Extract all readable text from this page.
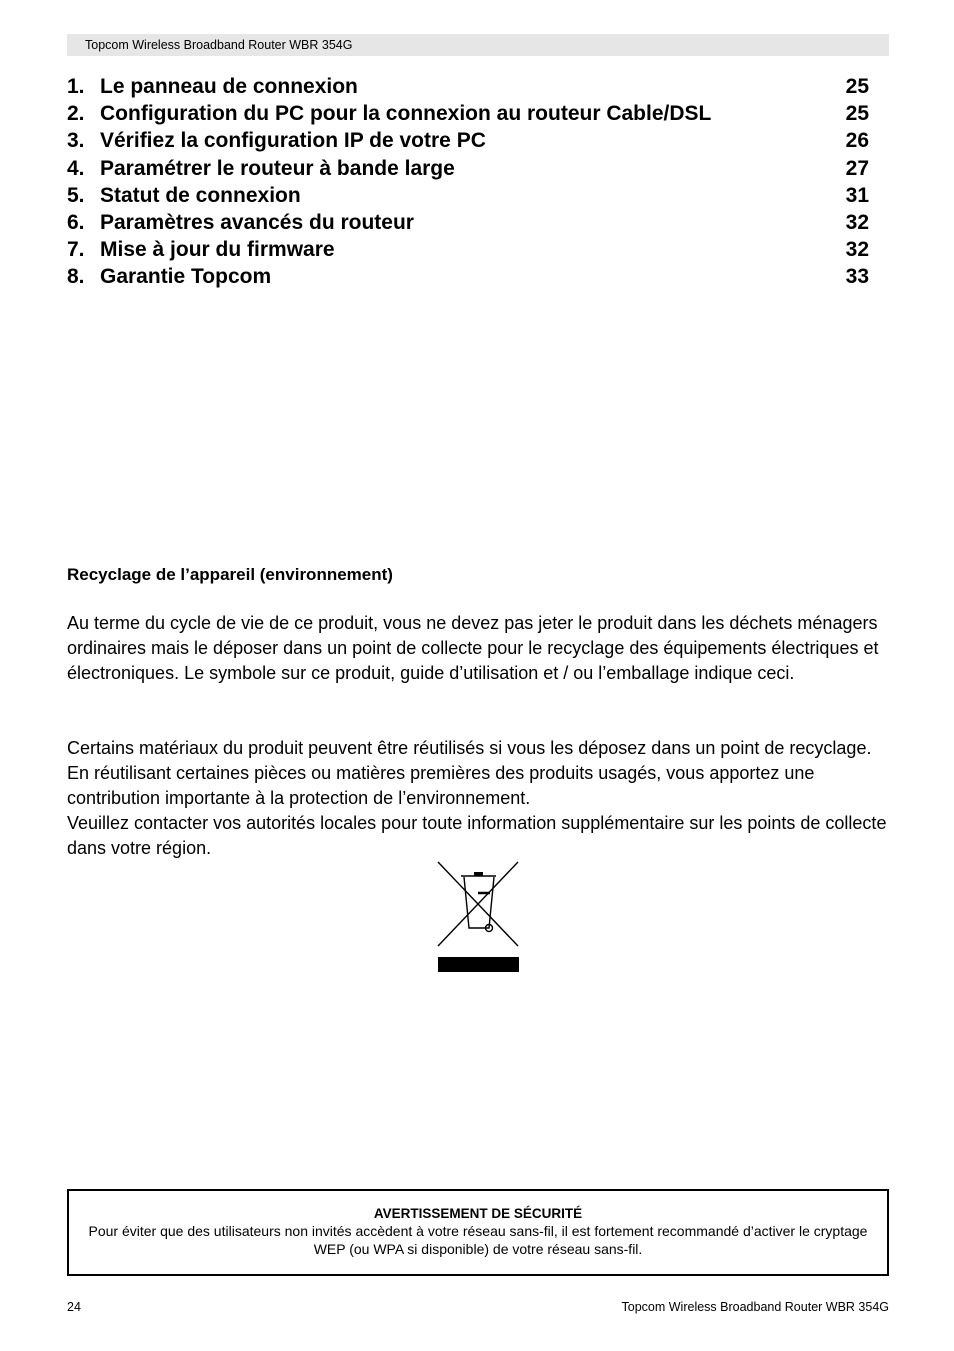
Topcom Wireless Broadband Router WBR 354G
1. Le panneau de connexion	25
2. Configuration du PC pour la connexion au routeur Cable/DSL	25
3. Vérifiez la configuration IP de votre PC	26
4. Paramétrer le routeur à bande large	27
5. Statut de connexion	31
6. Paramètres avancés du routeur	32
7. Mise à jour du firmware	32
8. Garantie Topcom	33
Recyclage de l’appareil (environnement)

Au terme du cycle de vie de ce produit, vous ne devez pas jeter le produit dans les déchets ménagers ordinaires mais le déposer dans un point de collecte pour le recyclage des équipements électriques et électroniques. Le symbole sur ce produit, guide d’utilisation et / ou l’emballage indique ceci.

Certains matériaux du produit peuvent être réutilisés si vous les déposez dans un point de recyclage. En réutilisant certaines pièces ou matières premières des produits usagés, vous apportez une contribution importante à la protection de l’environnement.
Veuillez contacter vos autorités locales pour toute information supplémentaire sur les points de collecte dans votre région.
AVERTISSEMENT DE SÉCURITÉ
Pour éviter que des utilisateurs non invités accèdent à votre réseau sans-fil, il est fortement recommandé d’activer le cryptage WEP (ou WPA si disponible) de votre réseau sans-fil.
24	Topcom Wireless Broadband Router WBR 354G
